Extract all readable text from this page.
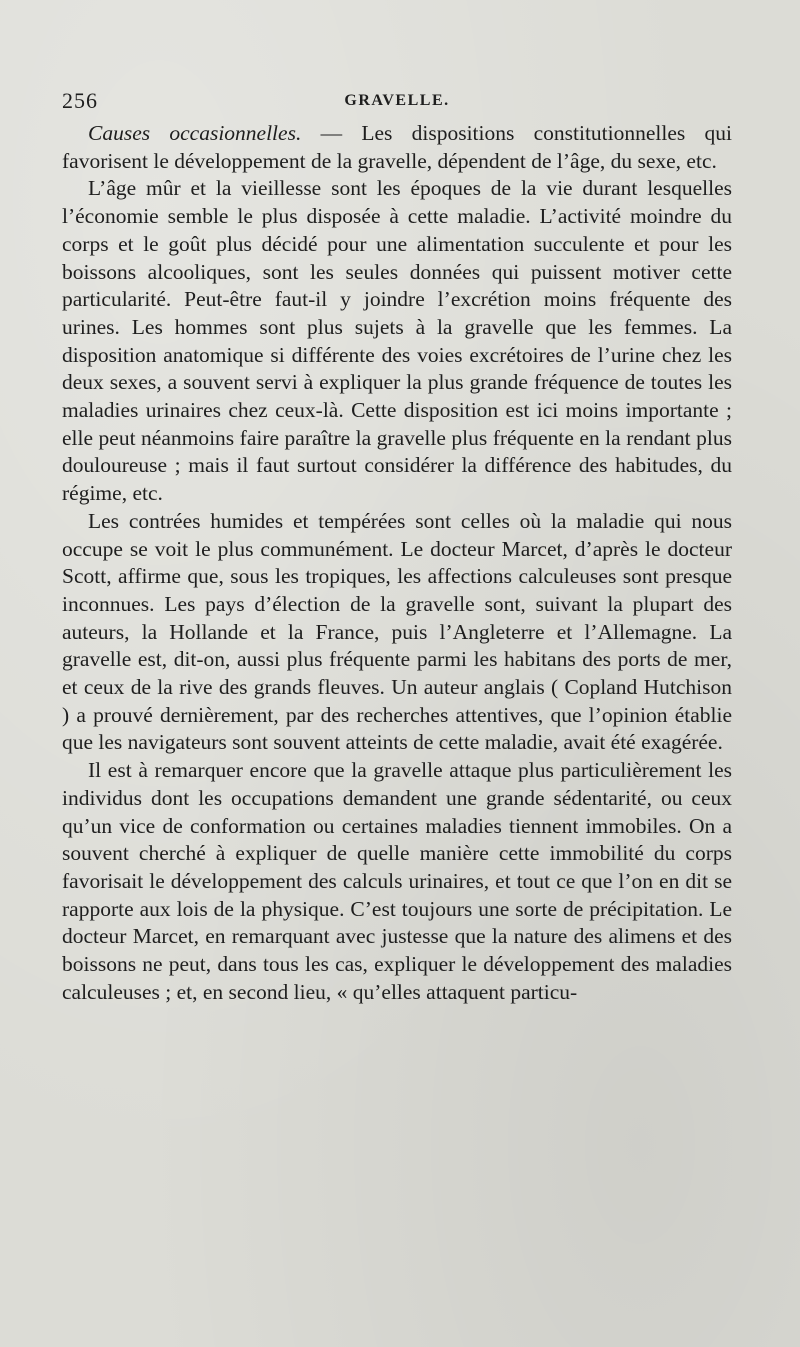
256	GRAVELLE.

Causes occasionnelles. — Les dispositions constitutionnelles qui favorisent le développement de la gravelle, dépendent de l’âge, du sexe, etc.

L’âge mûr et la vieillesse sont les époques de la vie durant lesquelles l’économie semble le plus disposée à cette maladie. L’activité moindre du corps et le goût plus décidé pour une alimentation succulente et pour les boissons alcooliques, sont les seules données qui puissent motiver cette particularité. Peut-être faut-il y joindre l’excrétion moins fréquente des urines. Les hommes sont plus sujets à la gravelle que les femmes. La disposition anatomique si différente des voies excrétoires de l’urine chez les deux sexes, a souvent servi à expliquer la plus grande fréquence de toutes les maladies urinaires chez ceux-là. Cette disposition est ici moins importante ; elle peut néanmoins faire paraître la gravelle plus fréquente en la rendant plus douloureuse ; mais il faut surtout considérer la différence des habitudes, du régime, etc.

Les contrées humides et tempérées sont celles où la maladie qui nous occupe se voit le plus communément. Le docteur Marcet, d’après le docteur Scott, affirme que, sous les tropiques, les affections calculeuses sont presque inconnues. Les pays d’élection de la gravelle sont, suivant la plupart des auteurs, la Hollande et la France, puis l’Angleterre et l’Allemagne. La gravelle est, dit-on, aussi plus fréquente parmi les habitans des ports de mer, et ceux de la rive des grands fleuves. Un auteur anglais ( Copland Hutchison ) a prouvé dernièrement, par des recherches attentives, que l’opinion établie que les navigateurs sont souvent atteints de cette maladie, avait été exagérée.

Il est à remarquer encore que la gravelle attaque plus particulièrement les individus dont les occupations demandent une grande sédentarité, ou ceux qu’un vice de conformation ou certaines maladies tiennent immobiles. On a souvent cherché à expliquer de quelle manière cette immobilité du corps favorisait le développement des calculs urinaires, et tout ce que l’on en dit se rapporte aux lois de la physique. C’est toujours une sorte de précipitation. Le docteur Marcet, en remarquant avec justesse que la nature des alimens et des boissons ne peut, dans tous les cas, expliquer le développement des maladies calculeuses ; et, en second lieu, « qu’elles attaquent particu-
